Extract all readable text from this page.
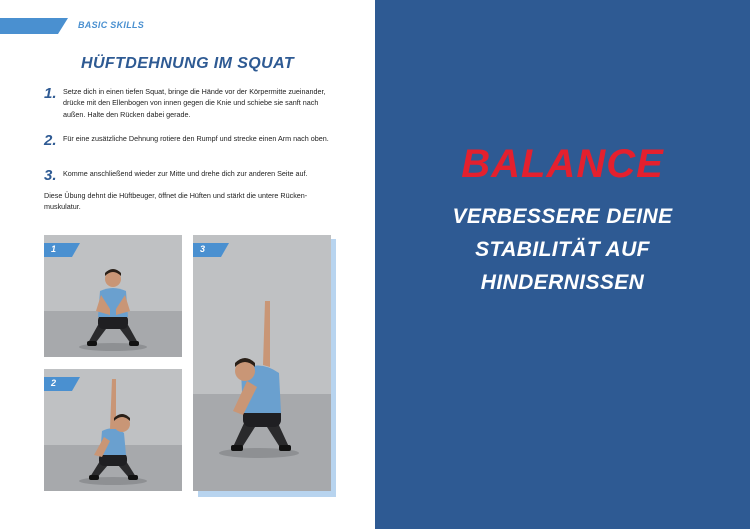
58
BASIC SKILLS
HÜFTDEHNUNG IM SQUAT
1. Setze dich in einen tiefen Squat, bringe die Hände vor der Körpermitte zueinander, drücke mit den Ellenbogen von innen gegen die Knie und schiebe sie sanft nach außen. Halte den Rücken dabei gerade.

2. Für eine zusätzliche Dehnung rotiere den Rumpf und strecke einen Arm nach oben.

3. Komme anschließend wieder zur Mitte und drehe dich zur anderen Seite auf.

Diese Übung dehnt die Hüftbeuger, öffnet die Hüften und stärkt die untere Rücken-muskulatur.

1
2
3
BALANCE
VERBESSERE DEINE
STABILITÄT AUF
HINDERNISSEN
